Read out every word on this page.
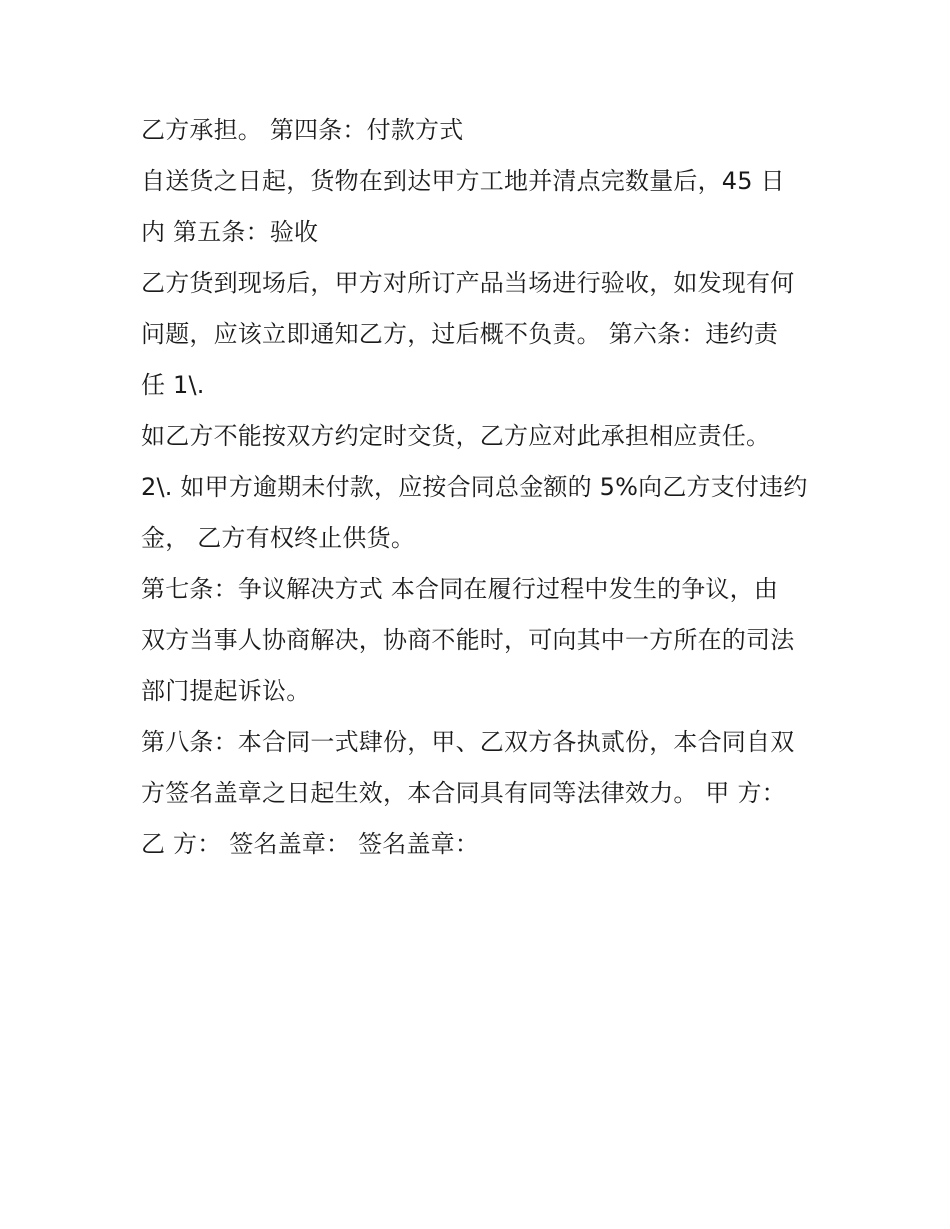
乙方承担。 第四条：付款方式
自送货之日起，货物在到达甲方工地并清点完数量后，45 日
内 第五条：验收
乙方货到现场后，甲方对所订产品当场进行验收，如发现有何
问题，应该立即通知乙方，过后概不负责。 第六条：违约责
任 1\.
如乙方不能按双方约定时交货，乙方应对此承担相应责任。
2\. 如甲方逾期未付款，应按合同总金额的 5%向乙方支付违约
金， 乙方有权终止供货。
第七条：争议解决方式 本合同在履行过程中发生的争议，由
双方当事人协商解决，协商不能时，可向其中一方所在的司法
部门提起诉讼。
第八条：本合同一式肆份，甲、乙双方各执贰份，本合同自双
方签名盖章之日起生效，本合同具有同等法律效力。 甲 方：
乙 方： 签名盖章： 签名盖章：
